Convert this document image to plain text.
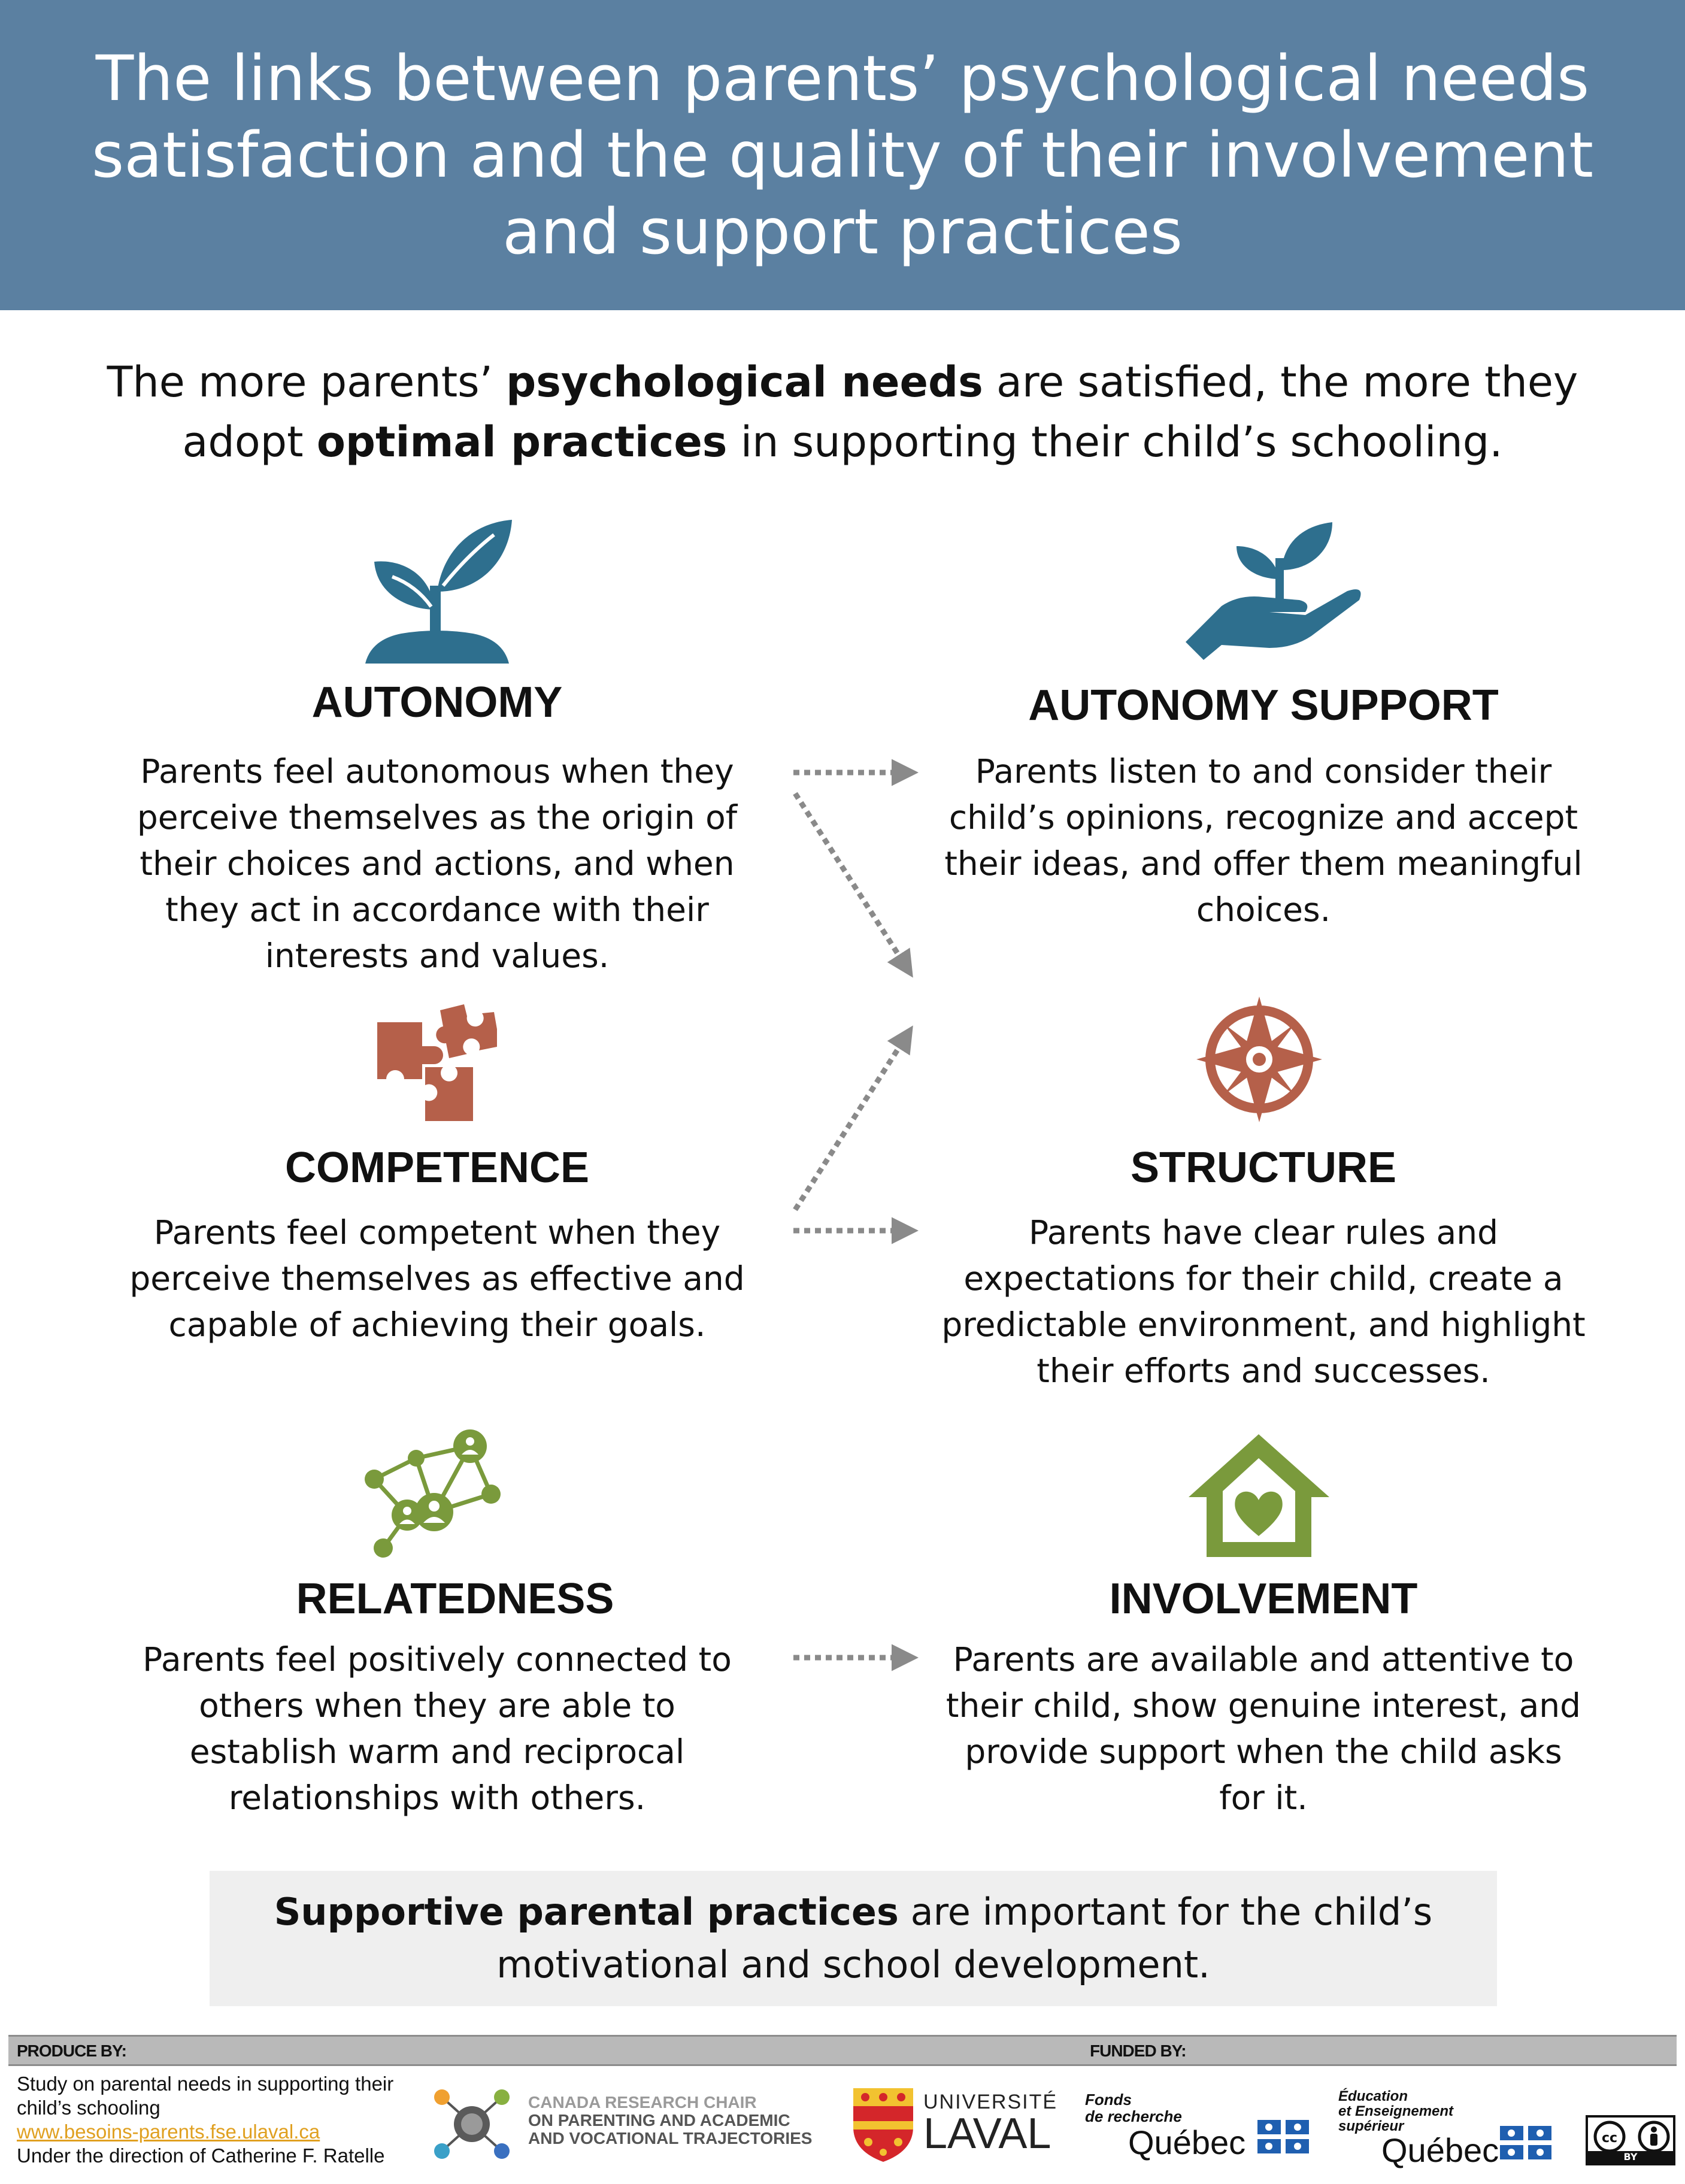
The links between parents’ psychological needs satisfaction and the quality of their involvement and support practices
The more parents’ psychological needs are satisfied, the more they adopt optimal practices in supporting their child’s schooling.
AUTONOMY
Parents feel autonomous when they perceive themselves as the origin of their choices and actions, and when they act in accordance with their interests and values.
COMPETENCE
Parents feel competent when they perceive themselves as effective and capable of achieving their goals.
RELATEDNESS
Parents feel positively connected to others when they are able to establish warm and reciprocal relationships with others.
AUTONOMY SUPPORT
Parents listen to and consider their child’s opinions, recognize and accept their ideas, and offer them meaningful choices.
STRUCTURE
Parents have clear rules and expectations for their child, create a predictable environment, and highlight their efforts and successes.
INVOLVEMENT
Parents are available and attentive to their child, show genuine interest, and provide support when the child asks for it.

Supportive parental practices are important for the child’s motivational and school development.

PRODUCE BY:	FUNDED BY:
Study on parental needs in supporting their
child’s schooling
www.besoins-parents.fse.ulaval.ca
Under the direction of Catherine F. Ratelle
CANADA RESEARCH CHAIR
ON PARENTING AND ACADEMIC
AND VOCATIONAL TRAJECTORIES
UNIVERSITÉ
LAVAL
Fonds
de recherche
Québec
Éducation
et Enseignement
supérieur
Québec	cc
BY
